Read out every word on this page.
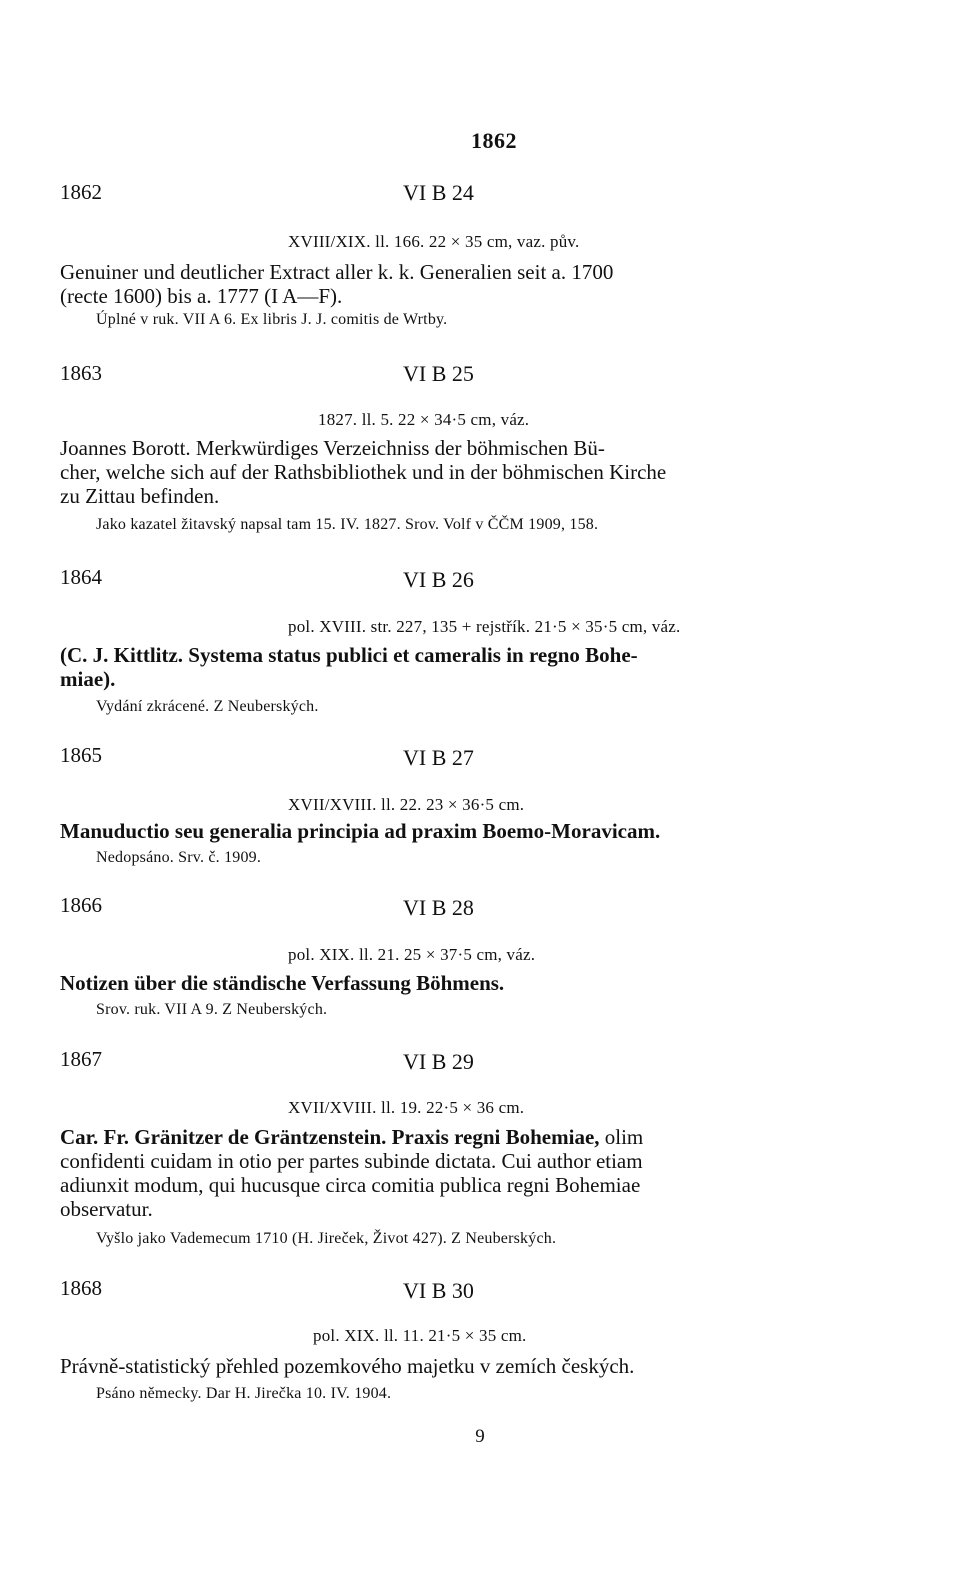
1862
1862	VI B 24
XVIII/XIX. ll. 166. 22 × 35 cm, vaz. pův.
Genuiner und deutlicher Extract aller k. k. Generalien seit a. 1700
(recte 1600) bis a. 1777 (I A—F).
Úplné v ruk. VII A 6. Ex libris J. J. comitis de Wrtby.
1863	VI B 25
1827. ll. 5. 22 × 34·5 cm, váz.
Joannes Borott. Merkwürdiges Verzeichniss der böhmischen Bü-
cher, welche sich auf der Rathsbibliothek und in der böhmischen Kirche
zu Zittau befinden.
Jako kazatel žitavský napsal tam 15. IV. 1827. Srov. Volf v ČČM 1909, 158.
1864	VI B 26
pol. XVIII. str. 227, 135 + rejstřík. 21·5 × 35·5 cm, váz.
(C. J. Kittlitz. Systema status publici et cameralis in regno Bohe-
miae).
Vydání zkrácené. Z Neuberských.
1865	VI B 27
XVII/XVIII. ll. 22. 23 × 36·5 cm.
Manuductio seu generalia principia ad praxim Boemo-Moravicam.
Nedopsáno. Srv. č. 1909.
1866	VI B 28
pol. XIX. ll. 21. 25 × 37·5 cm, váz.
Notizen über die ständische Verfassung Böhmens.
Srov. ruk. VII A 9. Z Neuberských.
1867	VI B 29
XVII/XVIII. ll. 19. 22·5 × 36 cm.
Car. Fr. Gränitzer de Gräntzenstein. Praxis regni Bohemiae, olim
confidenti cuidam in otio per partes subinde dictata. Cui author etiam
adiunxit modum, qui hucusque circa comitia publica regni Bohemiae
observatur.
Vyšlo jako Vademecum 1710 (H. Jireček, Život 427). Z Neuberských.
1868	VI B 30
pol. XIX. ll. 11. 21·5 × 35 cm.
Právně-statistický přehled pozemkového majetku v zemích českých.
Psáno německy. Dar H. Jirečka 10. IV. 1904.
9
